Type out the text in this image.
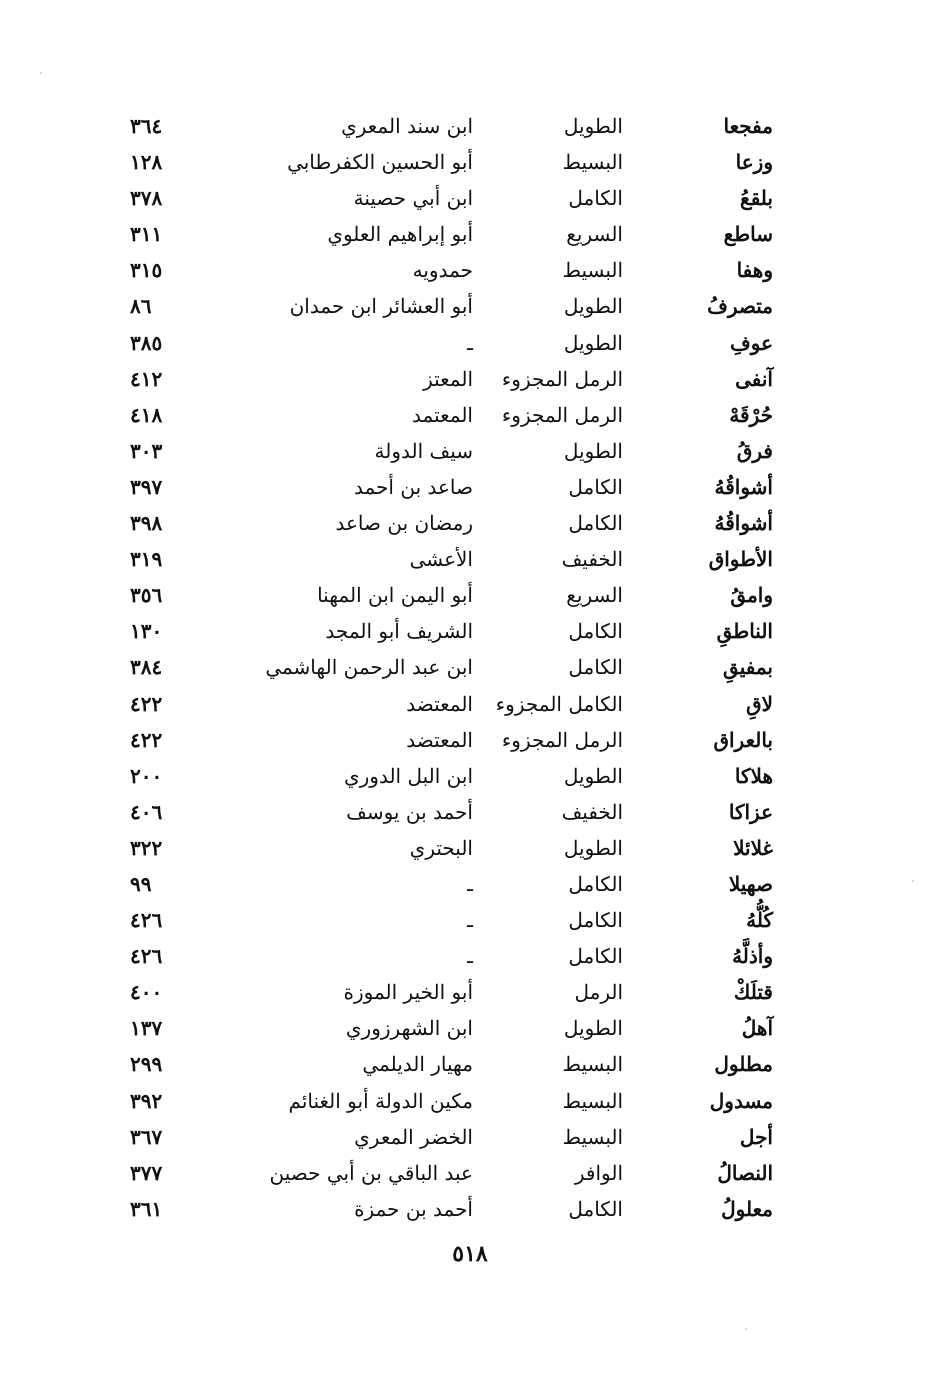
مفجعا
الطويل
ابن سند المعري
٣٦٤
وزعا
البسيط
أبو الحسين الكفرطابي
١٢٨
بلقعُ
الكامل
ابن أبي حصينة
٣٧٨
ساطع
السريع
أبو إبراهيم العلوي
٣١١
وهفا
البسيط
حمدويه
٣١٥
متصرفُ
الطويل
أبو العشائر ابن حمدان
٨٦
عوفِ
الطويل
ـ
٣٨٥
آنفى
الرمل المجزوء
المعتز
٤١٢
حُرْقَهْ
الرمل المجزوء
المعتمد
٤١٨
فرقُ
الطويل
سيف الدولة
٣٠٣
أشواقُهُ
الكامل
صاعد بن أحمد
٣٩٧
أشواقُهُ
الكامل
رمضان بن صاعد
٣٩٨
الأطواق
الخفيف
الأعشى
٣١٩
وامقُ
السريع
أبو اليمن ابن المهنا
٣٥٦
الناطقِ
الكامل
الشريف أبو المجد
١٣٠
بمفيقِ
الكامل
ابن عبد الرحمن الهاشمي
٣٨٤
لاقِ
الكامل المجزوء
المعتضد
٤٢٢
بالعراق
الرمل المجزوء
المعتضد
٤٢٢
هلاكا
الطويل
ابن البل الدوري
٢٠٠
عزاكا
الخفيف
أحمد بن يوسف
٤٠٦
غلائلا
الطويل
البحتري
٣٢٢
صهيلا
الكامل
ـ
٩٩
كُلُّهُ
الكامل
ـ
٤٢٦
وأذلَّهُ
الكامل
ـ
٤٢٦
قتلَكْ
الرمل
أبو الخير الموزة
٤٠٠
آهلُ
الطويل
ابن الشهرزوري
١٣٧
مطلول
البسيط
مهيار الديلمي
٢٩٩
مسدول
البسيط
مكين الدولة أبو الغنائم
٣٩٢
أجل
البسيط
الخضر المعري
٣٦٧
النصالُ
الوافر
عبد الباقي بن أبي حصين
٣٧٧
معلولُ
الكامل
أحمد بن حمزة
٣٦١
٥١٨
